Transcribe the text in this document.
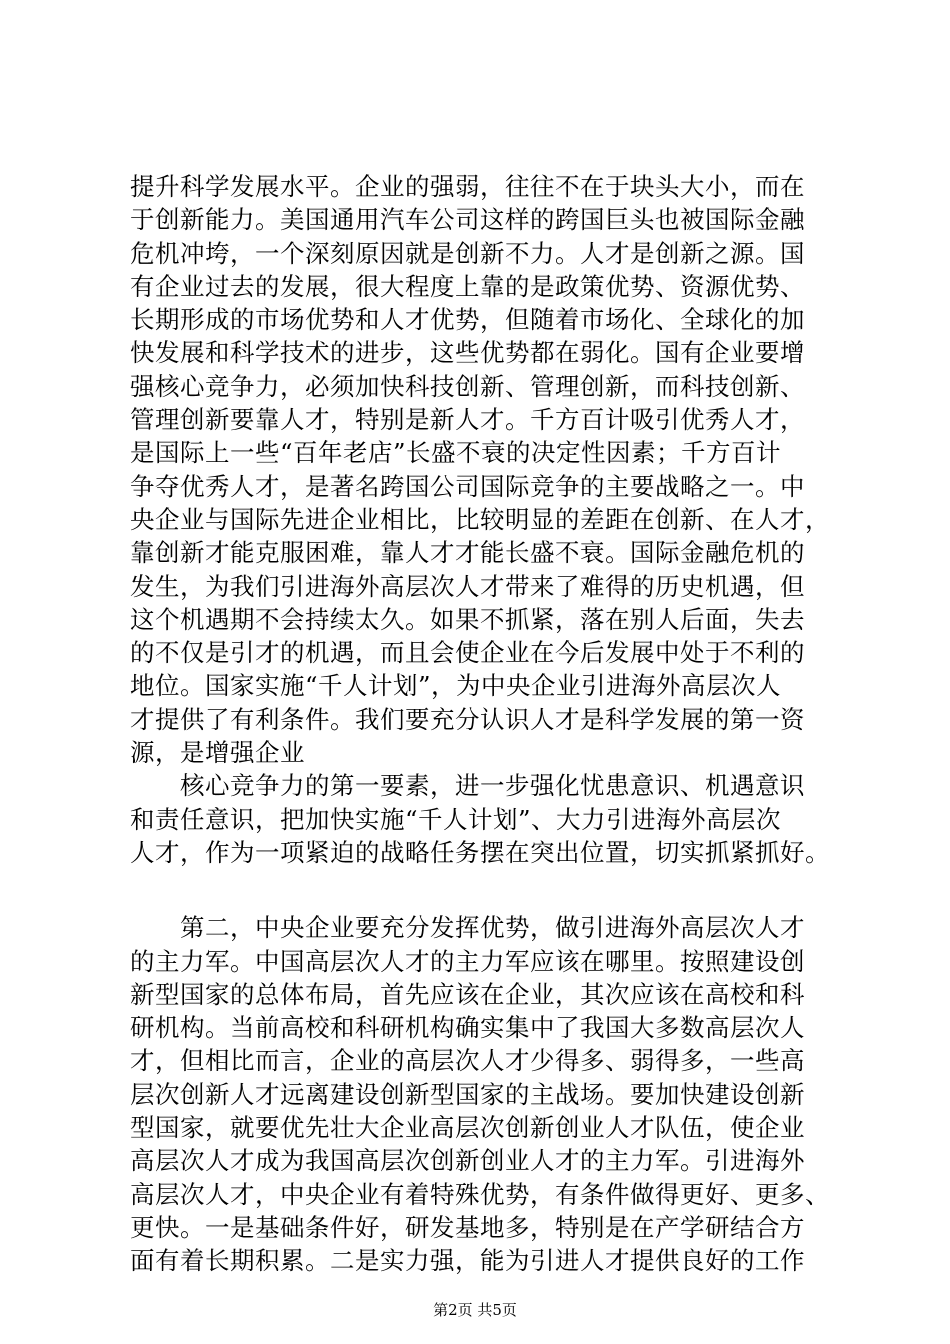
提升科学发展水平。企业的强弱，往往不在于块头大小，而在
于创新能力。美国通用汽车公司这样的跨国巨头也被国际金融
危机冲垮，一个深刻原因就是创新不力。人才是创新之源。国
有企业过去的发展，很大程度上靠的是政策优势、资源优势、
长期形成的市场优势和人才优势，但随着市场化、全球化的加
快发展和科学技术的进步，这些优势都在弱化。国有企业要增
强核心竞争力，必须加快科技创新、管理创新，而科技创新、
管理创新要靠人才，特别是新人才。千方百计吸引优秀人才，
是国际上一些“百年老店”长盛不衰的决定性因素；千方百计
争夺优秀人才，是著名跨国公司国际竞争的主要战略之一。中
央企业与国际先进企业相比，比较明显的差距在创新、在人才，
靠创新才能克服困难，靠人才才能长盛不衰。国际金融危机的
发生，为我们引进海外高层次人才带来了难得的历史机遇，但
这个机遇期不会持续太久。如果不抓紧，落在别人后面，失去
的不仅是引才的机遇，而且会使企业在今后发展中处于不利的
地位。国家实施“千人计划”，为中央企业引进海外高层次人
才提供了有利条件。我们要充分认识人才是科学发展的第一资
源，是增强企业
　　核心竞争力的第一要素，进一步强化忧患意识、机遇意识
和责任意识，把加快实施“千人计划”、大力引进海外高层次
人才，作为一项紧迫的战略任务摆在突出位置，切实抓紧抓好。
　　第二，中央企业要充分发挥优势，做引进海外高层次人才
的主力军。中国高层次人才的主力军应该在哪里。按照建设创
新型国家的总体布局，首先应该在企业，其次应该在高校和科
研机构。当前高校和科研机构确实集中了我国大多数高层次人
才，但相比而言，企业的高层次人才少得多、弱得多，一些高
层次创新人才远离建设创新型国家的主战场。要加快建设创新
型国家，就要优先壮大企业高层次创新创业人才队伍，使企业
高层次人才成为我国高层次创新创业人才的主力军。引进海外
高层次人才，中央企业有着特殊优势，有条件做得更好、更多、
更快。一是基础条件好，研发基地多，特别是在产学研结合方
面有着长期积累。二是实力强，能为引进人才提供良好的工作
第2页 共5页
